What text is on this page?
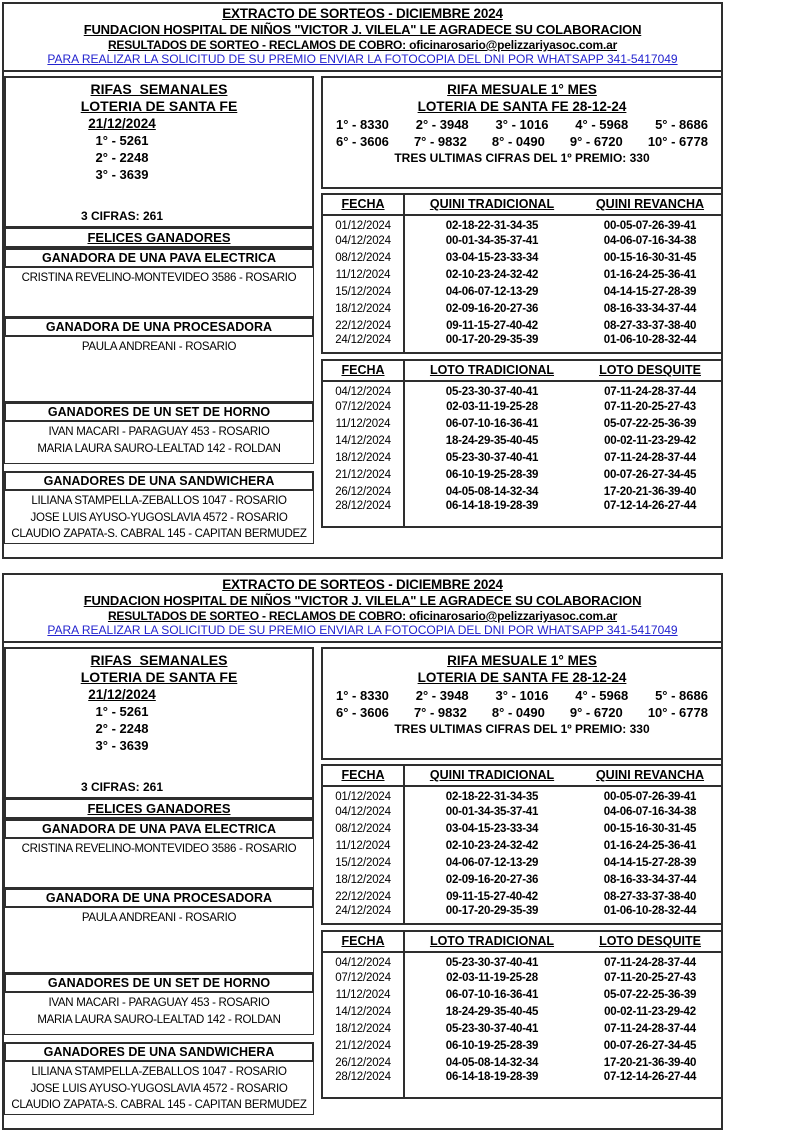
EXTRACTO DE SORTEOS - DICIEMBRE 2024
FUNDACION HOSPITAL DE NIÑOS "VICTOR J. VILELA" LE AGRADECE SU COLABORACION
RESULTADOS DE SORTEO - RECLAMOS DE COBRO: oficinarosario@pelizzariyasoc.com.ar
PARA REALIZAR LA SOLICITUD DE SU PREMIO ENVIAR LA FOTOCOPIA DEL DNI POR WHATSAPP 341-5417049
RIFAS  SEMANALES
LOTERIA DE SANTA FE
21/12/2024
1° - 5261
2° - 2248
3° - 3639
3 CIFRAS: 261
FELICES GANADORES
GANADORA DE UNA PAVA ELECTRICA
CRISTINA REVELINO-MONTEVIDEO 3586 - ROSARIO
GANADORA DE UNA PROCESADORA
PAULA ANDREANI - ROSARIO
GANADORES DE UN SET DE HORNO
IVAN MACARI - PARAGUAY 453 - ROSARIO
MARIA LAURA SAURO-LEALTAD 142 - ROLDAN
GANADORES DE UNA SANDWICHERA
LILIANA STAMPELLA-ZEBALLOS 1047 - ROSARIO
JOSE LUIS AYUSO-YUGOSLAVIA 4572 - ROSARIO
CLAUDIO ZAPATA-S. CABRAL 145 - CAPITAN BERMUDEZ
RIFA MESUALE 1° MES
LOTERIA DE SANTA FE 28-12-24
1° - 8330 2° - 3948 3° - 1016 4° - 5968 5° - 8686
6° - 3606 7° - 9832 8° - 0490 9° - 6720 10° - 6778
TRES ULTIMAS CIFRAS DEL 1º PREMIO: 330
FECHA	QUINI TRADICIONAL	QUINI REVANCHA
01/12/2024	02-18-22-31-34-35	00-05-07-26-39-41
04/12/2024	00-01-34-35-37-41	04-06-07-16-34-38
08/12/2024	03-04-15-23-33-34	00-15-16-30-31-45
11/12/2024	02-10-23-24-32-42	01-16-24-25-36-41
15/12/2024	04-06-07-12-13-29	04-14-15-27-28-39
18/12/2024	02-09-16-20-27-36	08-16-33-34-37-44
22/12/2024	09-11-15-27-40-42	08-27-33-37-38-40
24/12/2024	00-17-20-29-35-39	01-06-10-28-32-44
FECHA	LOTO TRADICIONAL	LOTO DESQUITE
04/12/2024	05-23-30-37-40-41	07-11-24-28-37-44
07/12/2024	02-03-11-19-25-28	07-11-20-25-27-43
11/12/2024	06-07-10-16-36-41	05-07-22-25-36-39
14/12/2024	18-24-29-35-40-45	00-02-11-23-29-42
18/12/2024	05-23-30-37-40-41	07-11-24-28-37-44
21/12/2024	06-10-19-25-28-39	00-07-26-27-34-45
26/12/2024	04-05-08-14-32-34	17-20-21-36-39-40
28/12/2024	06-14-18-19-28-39	07-12-14-26-27-44
EXTRACTO DE SORTEOS - DICIEMBRE 2024
FUNDACION HOSPITAL DE NIÑOS "VICTOR J. VILELA" LE AGRADECE SU COLABORACION
RESULTADOS DE SORTEO - RECLAMOS DE COBRO: oficinarosario@pelizzariyasoc.com.ar
PARA REALIZAR LA SOLICITUD DE SU PREMIO ENVIAR LA FOTOCOPIA DEL DNI POR WHATSAPP 341-5417049
RIFAS  SEMANALES
LOTERIA DE SANTA FE
21/12/2024
1° - 5261
2° - 2248
3° - 3639
3 CIFRAS: 261
FELICES GANADORES
GANADORA DE UNA PAVA ELECTRICA
CRISTINA REVELINO-MONTEVIDEO 3586 - ROSARIO
GANADORA DE UNA PROCESADORA
PAULA ANDREANI - ROSARIO
GANADORES DE UN SET DE HORNO
IVAN MACARI - PARAGUAY 453 - ROSARIO
MARIA LAURA SAURO-LEALTAD 142 - ROLDAN
GANADORES DE UNA SANDWICHERA
LILIANA STAMPELLA-ZEBALLOS 1047 - ROSARIO
JOSE LUIS AYUSO-YUGOSLAVIA 4572 - ROSARIO
CLAUDIO ZAPATA-S. CABRAL 145 - CAPITAN BERMUDEZ
RIFA MESUALE 1° MES
LOTERIA DE SANTA FE 28-12-24
1° - 8330 2° - 3948 3° - 1016 4° - 5968 5° - 8686
6° - 3606 7° - 9832 8° - 0490 9° - 6720 10° - 6778
TRES ULTIMAS CIFRAS DEL 1º PREMIO: 330
FECHA	QUINI TRADICIONAL	QUINI REVANCHA
01/12/2024	02-18-22-31-34-35	00-05-07-26-39-41
04/12/2024	00-01-34-35-37-41	04-06-07-16-34-38
08/12/2024	03-04-15-23-33-34	00-15-16-30-31-45
11/12/2024	02-10-23-24-32-42	01-16-24-25-36-41
15/12/2024	04-06-07-12-13-29	04-14-15-27-28-39
18/12/2024	02-09-16-20-27-36	08-16-33-34-37-44
22/12/2024	09-11-15-27-40-42	08-27-33-37-38-40
24/12/2024	00-17-20-29-35-39	01-06-10-28-32-44
FECHA	LOTO TRADICIONAL	LOTO DESQUITE
04/12/2024	05-23-30-37-40-41	07-11-24-28-37-44
07/12/2024	02-03-11-19-25-28	07-11-20-25-27-43
11/12/2024	06-07-10-16-36-41	05-07-22-25-36-39
14/12/2024	18-24-29-35-40-45	00-02-11-23-29-42
18/12/2024	05-23-30-37-40-41	07-11-24-28-37-44
21/12/2024	06-10-19-25-28-39	00-07-26-27-34-45
26/12/2024	04-05-08-14-32-34	17-20-21-36-39-40
28/12/2024	06-14-18-19-28-39	07-12-14-26-27-44
